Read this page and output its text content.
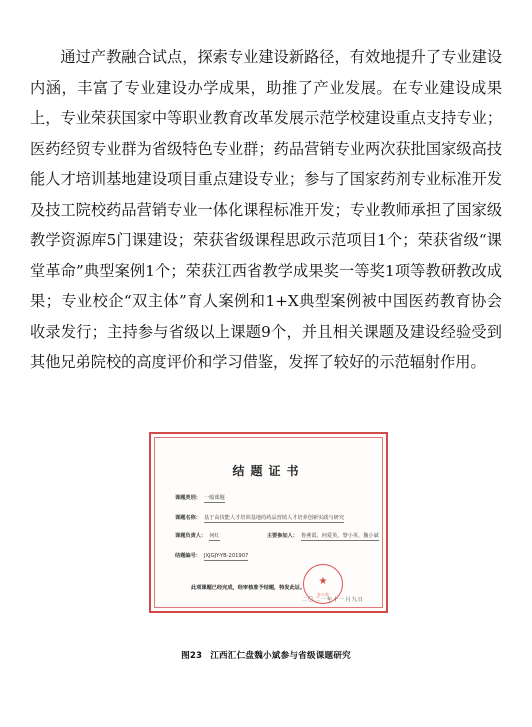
通过产教融合试点，探索专业建设新路径，有效地提升了专业建设内涵，丰富了专业建设办学成果，助推了产业发展。在专业建设成果上，专业荣获国家中等职业教育改革发展示范学校建设重点支持专业；医药经贸专业群为省级特色专业群；药品营销专业两次获批国家级高技能人才培训基地建设项目重点建设专业；参与了国家药剂专业标准开发及技工院校药品营销专业一体化课程标准开发；专业教师承担了国家级教学资源库5门课建设；荣获省级课程思政示范项目1个；荣获省级“课堂革命”典型案例1个；荣获江西省教学成果奖一等奖1项等教研教改成果；专业校企“双主体”育人案例和1+X典型案例被中国医药教育协会收录发行；主持参与省级以上课题9个，并且相关课题及建设经验受到其他兄弟院校的高度评价和学习借鉴，发挥了较好的示范辐射作用。

结题证书
课题类别： 一般课题
课题名称： 基于高技能人才培训基地的药品营销人才培养创新实践与研究
课题负责人： 何红	主要参加人： 鲁燕霞、何爱英、黎小英、魏小斌
结题编号： JXJGJY-YB-201907
此项课题已经完成，经审核准予结题，特发此证。
★
办公室
二〇二一年十一月九日
图23 江西汇仁盘魏小斌参与省级课题研究
